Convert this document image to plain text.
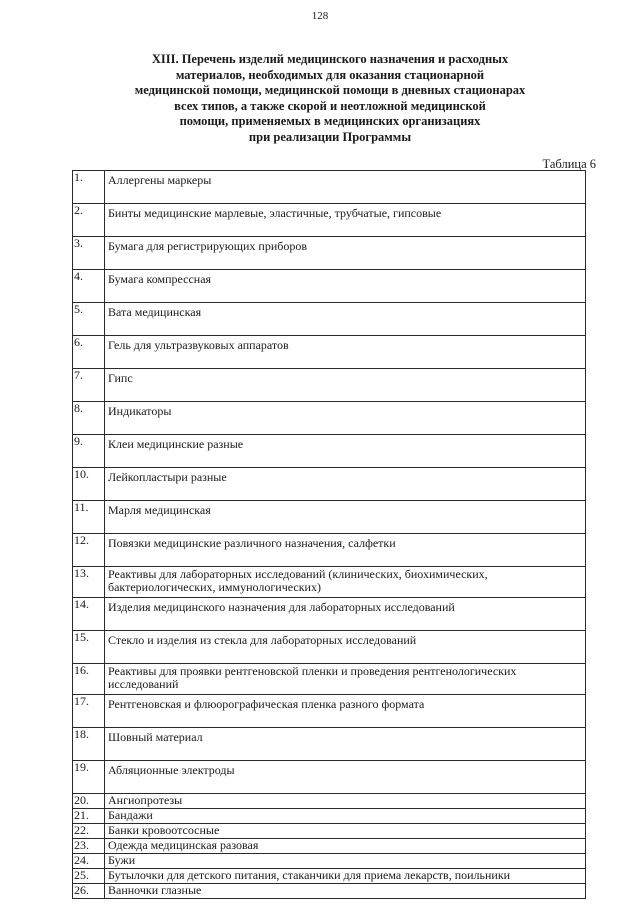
128
XIII. Перечень изделий медицинского назначения и расходных
материалов, необходимых для оказания стационарной
медицинской помощи, медицинской помощи в дневных стационарах
всех типов, а также скорой и неотложной медицинской
помощи, применяемых в медицинских организациях
при реализации Программы
Таблица 6
1.	Аллергены маркеры
2.	Бинты медицинские марлевые, эластичные, трубчатые, гипсовые
3.	Бумага для регистрирующих приборов
4.	Бумага компрессная
5.	Вата медицинская
6.	Гель для ультразвуковых аппаратов
7.	Гипс
8.	Индикаторы
9.	Клеи медицинские разные
10.	Лейкопластыри разные
11.	Марля медицинская
12.	Повязки медицинские различного назначения, салфетки
13.	Реактивы для лабораторных исследований (клинических, биохимических, бактериологических, иммунологических)
14.	Изделия медицинского назначения для лабораторных исследований
15.	Стекло и изделия из стекла для лабораторных исследований
16.	Реактивы для проявки рентгеновской пленки и проведения рентгенологических исследований
17.	Рентгеновская и флюорографическая пленка разного формата
18.	Шовный материал
19.	Абляционные электроды
20.	Ангиопротезы
21.	Бандажи
22.	Банки кровоотсосные
23.	Одежда медицинская разовая
24.	Бужи
25.	Бутылочки для детского питания, стаканчики для приема лекарств, поильники
26.	Ванночки глазные
